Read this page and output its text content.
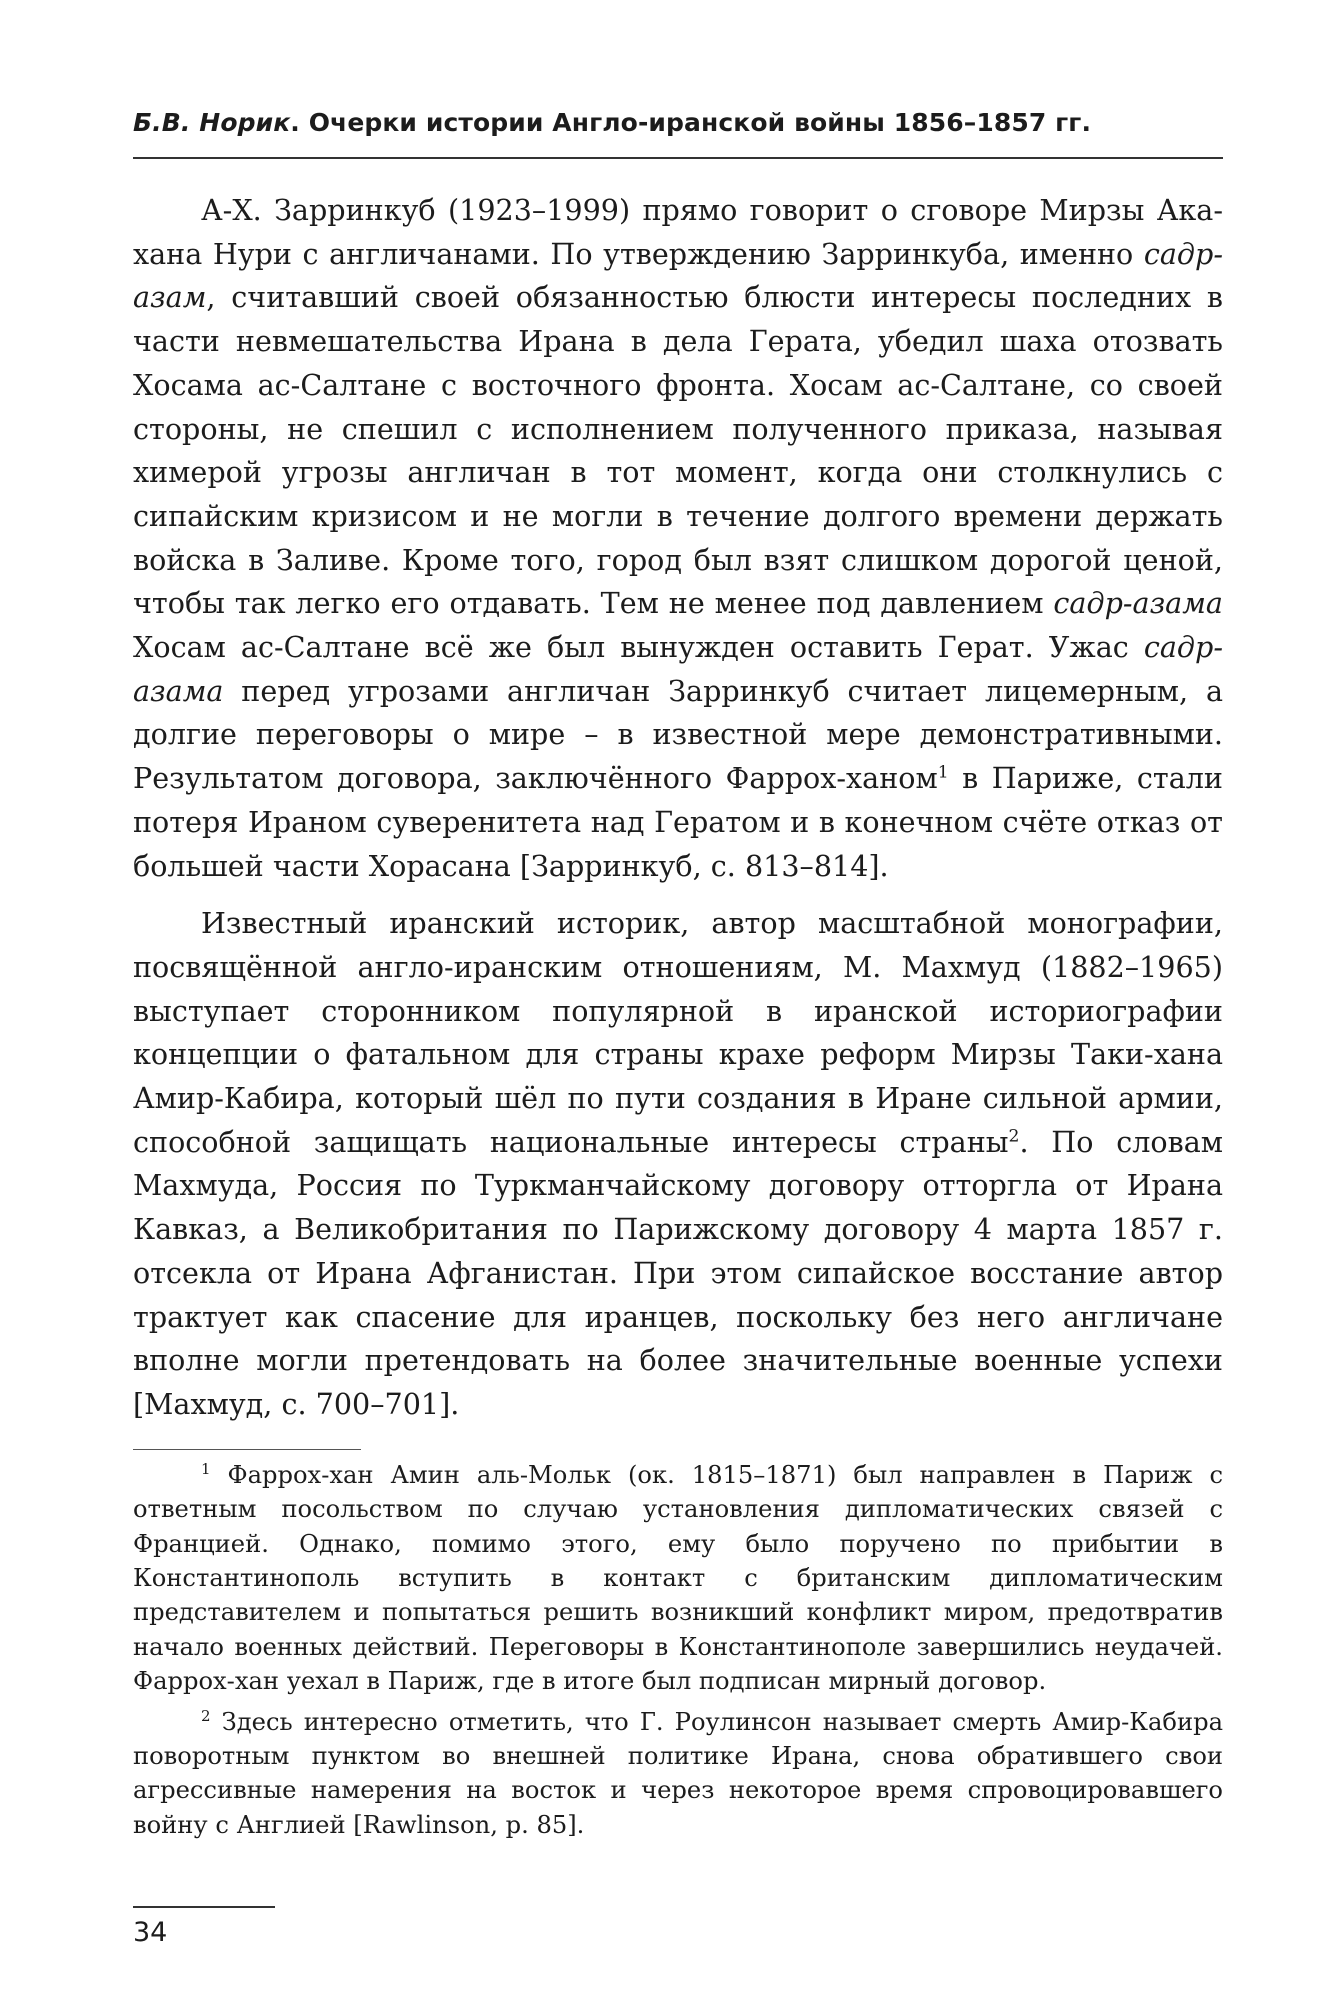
Б.В. Норик. Очерки истории Англо-иранской войны 1856–1857 гг.

А-Х. Зарринкуб (1923–1999) прямо говорит о сговоре Мирзы Ака-хана Нури с англичанами. По утверждению Зарринкуба, именно садр-азам, считавший своей обязанностью блюсти интересы последних в части невмешательства Ирана в дела Герата, убедил шаха отозвать Хосама ас-Салтане с восточного фронта. Хосам ас-Салтане, со своей стороны, не спешил с исполнением полученного приказа, называя химерой угрозы англичан в тот момент, когда они столкнулись с сипайским кризисом и не могли в течение долгого времени держать войска в Заливе. Кроме того, город был взят слишком дорогой ценой, чтобы так легко его отдавать. Тем не менее под давлением садр-азама Хосам ас-Салтане всё же был вынужден оставить Герат. Ужас садр-азама перед угрозами англичан Зарринкуб считает лицемерным, а долгие переговоры о мире – в известной мере демонстративными. Результатом договора, заключённого Фаррох-ханом$^1$ в Париже, стали потеря Ираном суверенитета над Гератом и в конечном счёте отказ от большей части Хорасана [Зарринкуб, с. 813–814].

Известный иранский историк, автор масштабной монографии, посвящённой англо-иранским отношениям, М. Махмуд (1882–1965) выступает сторонником популярной в иранской историографии концепции о фатальном для страны крахе реформ Мирзы Таки-хана Амир-Кабира, который шёл по пути создания в Иране сильной армии, способной защищать национальные интересы страны$^2$. По словам Махмуда, Россия по Туркманчайскому договору отторгла от Ирана Кавказ, а Великобритания по Парижскому договору 4 марта 1857 г. отсекла от Ирана Афганистан. При этом сипайское восстание автор трактует как спасение для иранцев, поскольку без него англичане вполне могли претендовать на более значительные военные успехи [Махмуд, с. 700–701].

$^1$ Фаррох-хан Амин аль-Мольк (ок. 1815–1871) был направлен в Париж с ответным посольством по случаю установления дипломатических связей с Францией. Однако, помимо этого, ему было поручено по прибытии в Константинополь вступить в контакт с британским дипломатическим представителем и попытаться решить возникший конфликт миром, предотвратив начало военных действий. Переговоры в Константинополе завершились неудачей. Фаррох-хан уехал в Париж, где в итоге был подписан мирный договор.

$^2$ Здесь интересно отметить, что Г. Роулинсон называет смерть Амир-Кабира поворотным пунктом во внешней политике Ирана, снова обратившего свои агрессивные намерения на восток и через некоторое время спровоцировавшего войну с Англией [Rawlinson, p. 85].

34
